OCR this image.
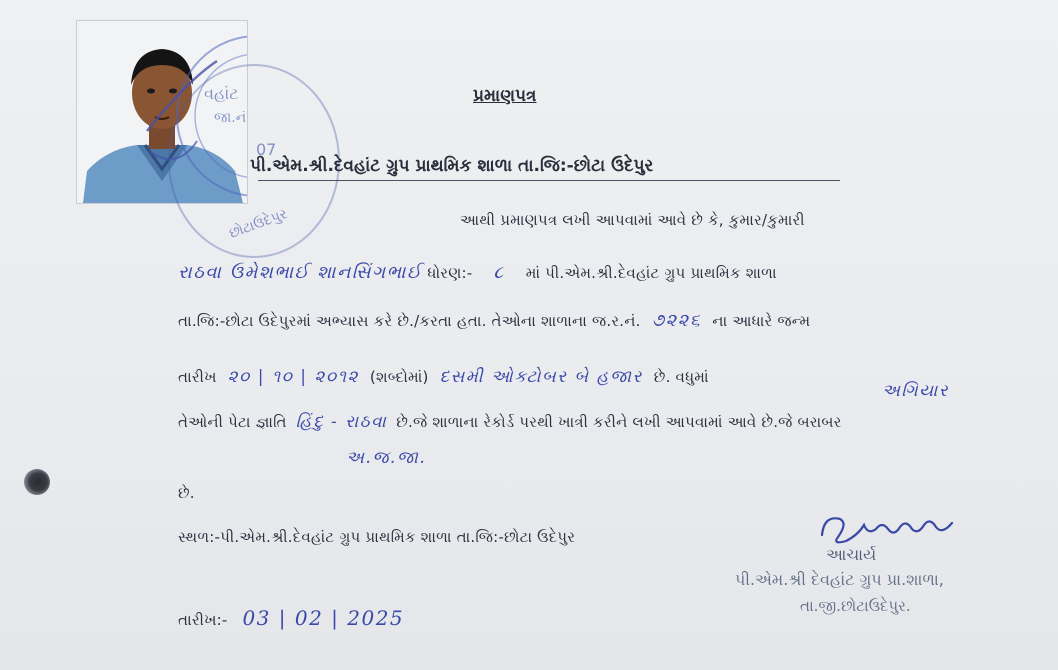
વહાંટ
જા.નં
07
છોટાઉદેપુર
પ્રમાણપત્ર
પી.એમ.શ્રી.દેવહાંટ ગ્રુપ પ્રાથમિક શાળા તા.જિ:-છોટા ઉદેપુર
આથી પ્રમાણપત્ર લખી આપવામાં આવે છે કે, કુમાર/કુમારી
રાઠવા ઉમેશભાઈ શાનસિંગભાઈ ધોરણ:- ૮ માં પી.એમ.શ્રી.દેવહાંટ ગ્રુપ પ્રાથમિક શાળા
તા.જિ:-છોટા ઉદેપુરમાં અભ્યાસ કરે છે./કરતા હતા. તેઓના શાળાના જ.ર.નં. ૭૨૨૬ ના આધારે જન્મ
તારીખ ૨૦ | ૧૦ | ૨૦૧૨ (શબ્દોમાં) દસમી ઓક્ટોબર બે હજાર છે. વધુમાં
અગિયાર
તેઓની પેટા જ્ઞાતિ હિંદુ - રાઠવા છે.જે શાળાના રેકોર્ડ પરથી ખાત્રી કરીને લખી આપવામાં આવે છે.જે બરાબર
અ.જ.જા.
છે.
સ્થળ:-પી.એમ.શ્રી.દેવહાંટ ગ્રુપ પ્રાથમિક શાળા તા.જિ:-છોટા ઉદેપુર
તારીખ:- 03 | 02 | 2025
આચાર્ય
પી.એમ.શ્રી દેવહાંટ ગ્રુપ પ્રા.શાળા,
તા.જી.છોટાઉદેપુર.
